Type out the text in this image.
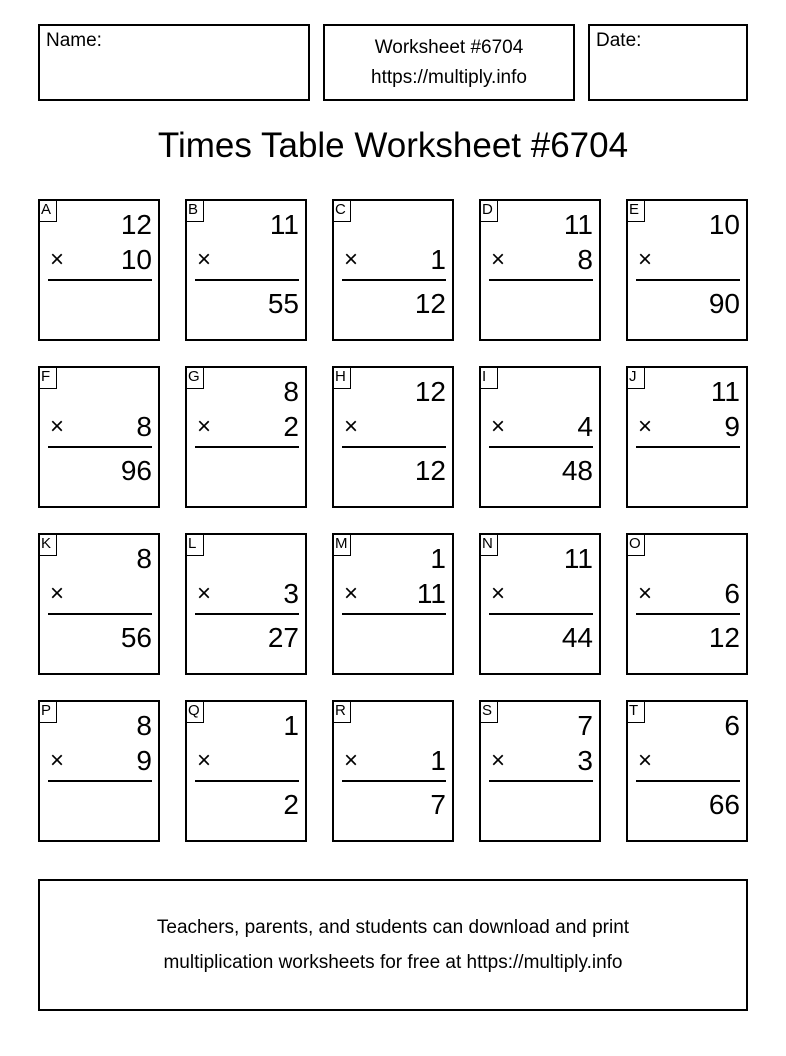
Name:	Worksheet #6704
https://multiply.info
Date:
Times Table Worksheet #6704
A 12
× 10
B	11
×
55
C
×	1
12
D	11
×	8
E 10
×
90
F
×	8
96
G	8
×	2
H 12
×
12
I
×	4
48
J	11
×	9
K	8
×
56
L
×	3
27
M	1
× 11
N	11
×
44
O
×	6
12
P	8
×	9
Q	1
×
2
R
×	1
7
S	7
×	3
T	6
×
66
Teachers, parents, and students can download and print
multiplication worksheets for free at https://multiply.info
